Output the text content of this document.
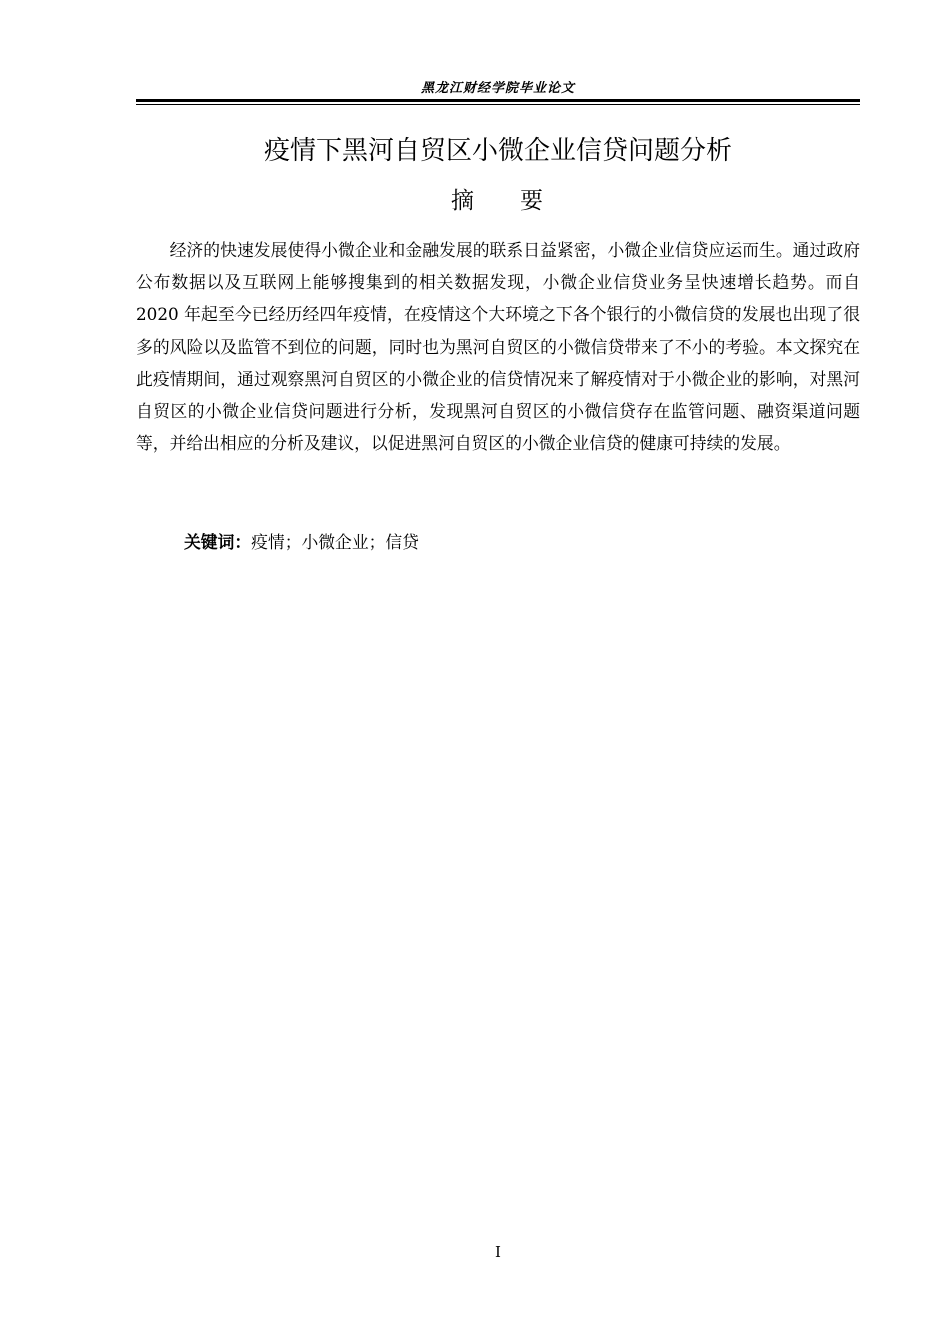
黑龙江财经学院毕业论文
疫情下黑河自贸区小微企业信贷问题分析
摘 要

经济的快速发展使得小微企业和金融发展的联系日益紧密，小微企业信贷应运而生。通过政府公布数据以及互联网上能够搜集到的相关数据发现，小微企业信贷业务呈快速增长趋势。而自 2020 年起至今已经历经四年疫情，在疫情这个大环境之下各个银行的小微信贷的发展也出现了很多的风险以及监管不到位的问题，同时也为黑河自贸区的小微信贷带来了不小的考验。本文探究在此疫情期间，通过观察黑河自贸区的小微企业的信贷情况来了解疫情对于小微企业的影响，对黑河自贸区的小微企业信贷问题进行分析，发现黑河自贸区的小微信贷存在监管问题、融资渠道问题等，并给出相应的分析及建议，以促进黑河自贸区的小微企业信贷的健康可持续的发展。

关键词：疫情；小微企业；信贷
I
